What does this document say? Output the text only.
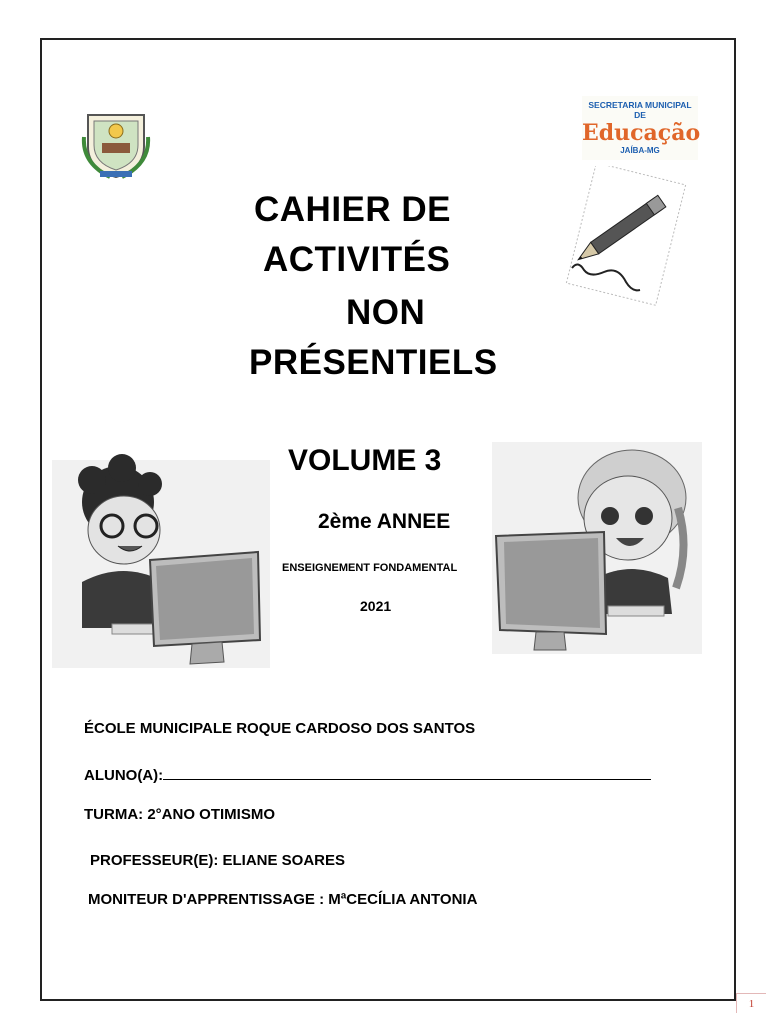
SECRETARIA MUNICIPAL DE
Educação
JAÍBA-MG
CAHIER DE
ACTIVITÉS
NON
PRÉSENTIELS
VOLUME 3
2ème ANNEE
ENSEIGNEMENT FONDAMENTAL
2021
ÉCOLE MUNICIPALE ROQUE CARDOSO DOS SANTOS
ALUNO(A):
TURMA: 2°ANO OTIMISMO
PROFESSEUR(E): ELIANE SOARES
MONITEUR D'APPRENTISSAGE : MªCECÍLIA ANTONIA
1
